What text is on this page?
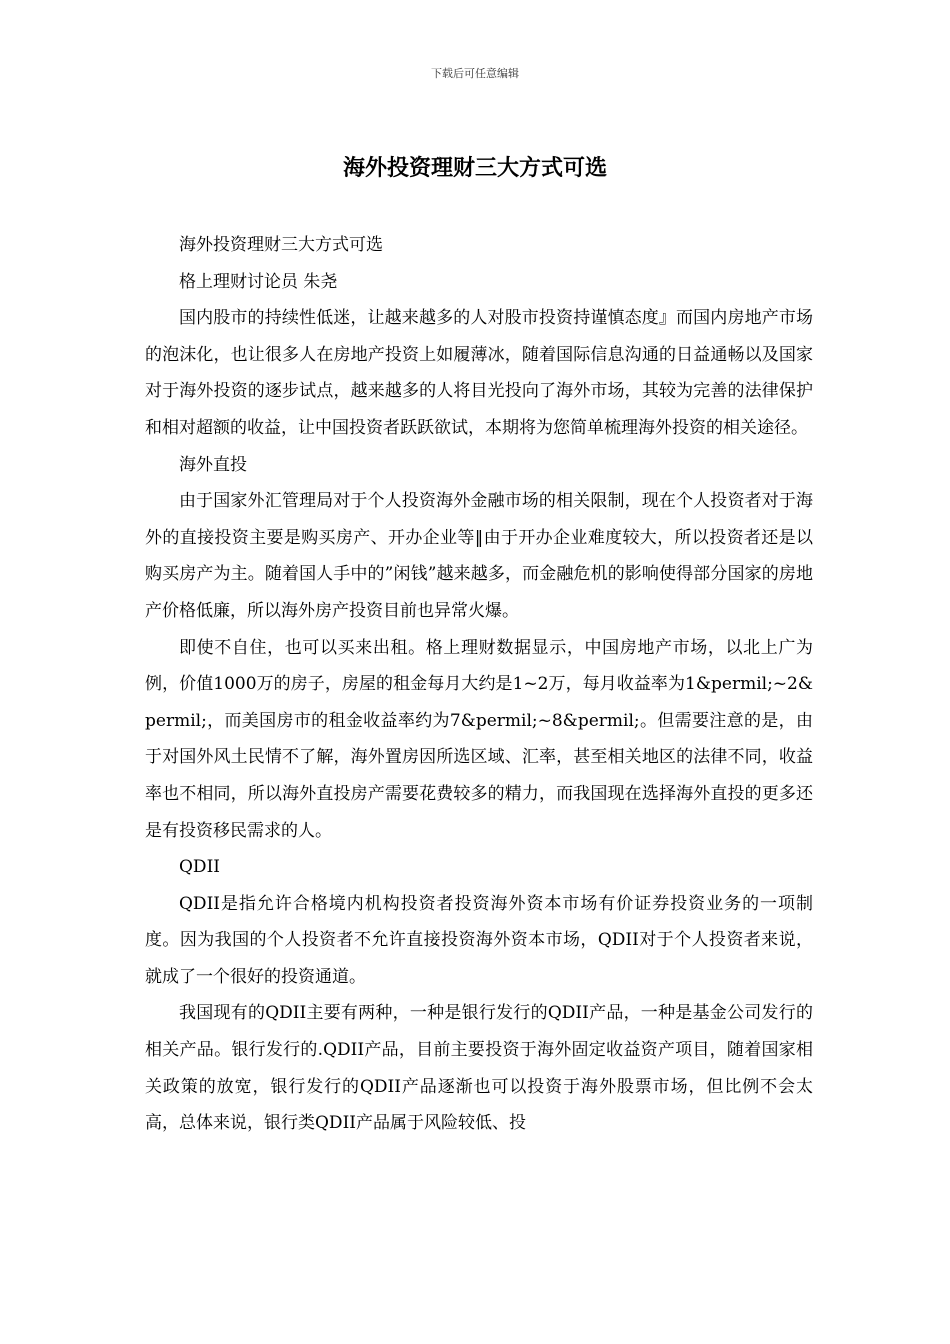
下载后可任意编辑
海外投资理财三大方式可选

海外投资理财三大方式可选

格上理财讨论员 朱尧

国内股市的持续性低迷，让越来越多的人对股市投资持谨慎态度』而国内房地产市场的泡沫化，也让很多人在房地产投资上如履薄冰，随着国际信息沟通的日益通畅以及国家对于海外投资的逐步试点，越来越多的人将目光投向了海外市场，其较为完善的法律保护和相对超额的收益，让中国投资者跃跃欲试，本期将为您简单梳理海外投资的相关途径。

海外直投

由于国家外汇管理局对于个人投资海外金融市场的相关限制，现在个人投资者对于海外的直接投资主要是购买房产、开办企业等‖由于开办企业难度较大，所以投资者还是以购买房产为主。随着国人手中的”闲钱”越来越多，而金融危机的影响使得部分国家的房地产价格低廉，所以海外房产投资目前也异常火爆。

即使不自住，也可以买来出租。格上理财数据显示，中国房地产市场，以北上广为例，价值1000万的房子，房屋的租金每月大约是1~2万，每月收益率为1&permil;~2&permil;，而美国房市的租金收益率约为7&permil;~8&permil;。但需要注意的是，由于对国外风土民情不了解，海外置房因所选区域、汇率，甚至相关地区的法律不同，收益率也不相同，所以海外直投房产需要花费较多的精力，而我国现在选择海外直投的更多还是有投资移民需求的人。

QDII

QDII是指允许合格境内机构投资者投资海外资本市场有价证券投资业务的一项制度。因为我国的个人投资者不允许直接投资海外资本市场，QDII对于个人投资者来说，就成了一个很好的投资通道。

我国现有的QDII主要有两种，一种是银行发行的QDII产品，一种是基金公司发行的相关产品。银行发行的.QDII产品，目前主要投资于海外固定收益资产项目，随着国家相关政策的放宽，银行发行的QDII产品逐渐也可以投资于海外股票市场，但比例不会太高，总体来说，银行类QDII产品属于风险较低、投
